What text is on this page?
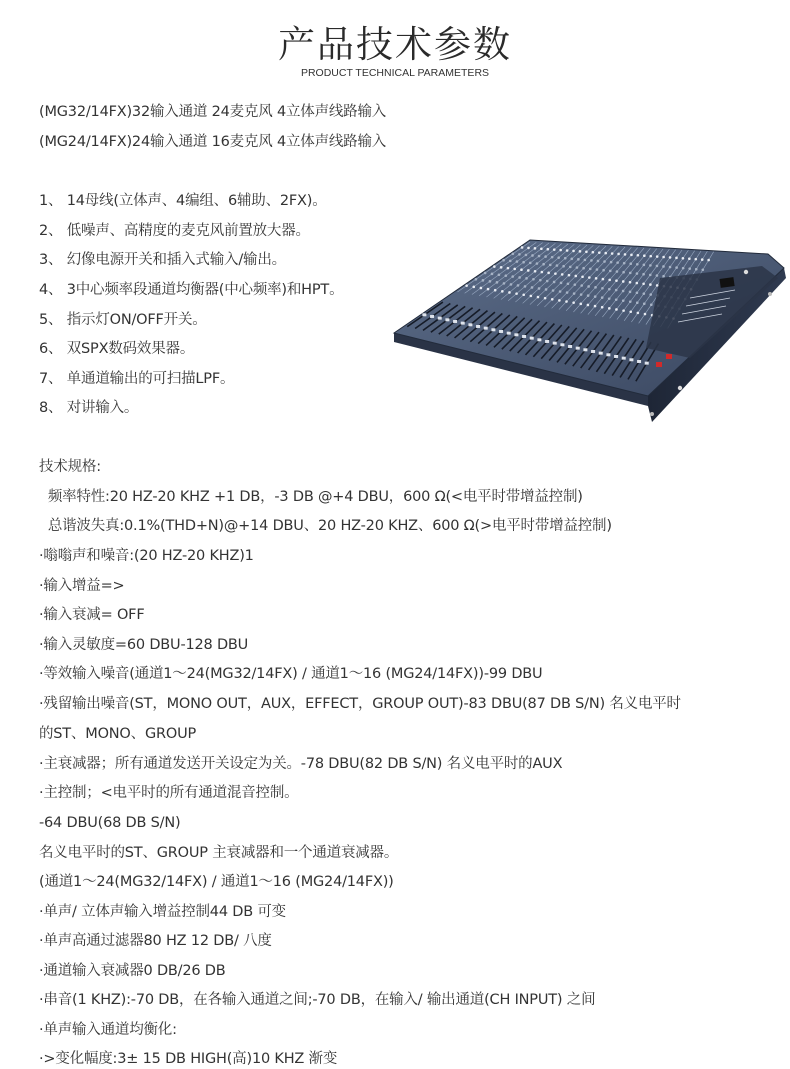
产品技术参数
PRODUCT TECHNICAL PARAMETERS
(MG32/14FX)32输入通道 24麦克风 4立体声线路输入
(MG24/14FX)24输入通道 16麦克风 4立体声线路输入
1、 14母线(立体声、4编组、6辅助、2FX)。
2、 低噪声、高精度的麦克风前置放大器。
3、 幻像电源开关和插入式输入/输出。
4、 3中心频率段通道均衡器(中心频率)和HPT。
5、 指示灯ON/OFF开关。
6、 双SPX数码效果器。
7、 单通道输出的可扫描LPF。
8、 对讲输入。
技术规格:
频率特性:20 HZ-20 KHZ +1 DB，-3 DB @+4 DBU，600 Ω(<电平时带增益控制)
总谐波失真:0.1%(THD+N)@+14 DBU、20 HZ-20 KHZ、600 Ω(>电平时带增益控制)
·嗡嗡声和噪音:(20 HZ-20 KHZ)1
·输入增益=>
·输入衰减= OFF
·输入灵敏度=60 DBU-128 DBU
·等效输入噪音(通道1～24(MG32/14FX) / 通道1～16 (MG24/14FX))-99 DBU
·残留输出噪音(ST，MONO OUT，AUX，EFFECT，GROUP OUT)-83 DBU(87 DB S/N) 名义电平时
的ST、MONO、GROUP
·主衰减器；所有通道发送开关设定为关。-78 DBU(82 DB S/N) 名义电平时的AUX
·主控制；<电平时的所有通道混音控制。
-64 DBU(68 DB S/N)
名义电平时的ST、GROUP 主衰减器和一个通道衰减器。
(通道1～24(MG32/14FX) / 通道1～16 (MG24/14FX))
·单声/ 立体声输入增益控制44 DB 可变
·单声高通过滤器80 HZ 12 DB/ 八度
·通道输入衰减器0 DB/26 DB
·串音(1 KHZ):-70 DB，在各输入通道之间;-70 DB，在输入/ 输出通道(CH INPUT) 之间
·单声输入通道均衡化:
·>变化幅度:3± 15 DB HIGH(高)10 KHZ 渐变
